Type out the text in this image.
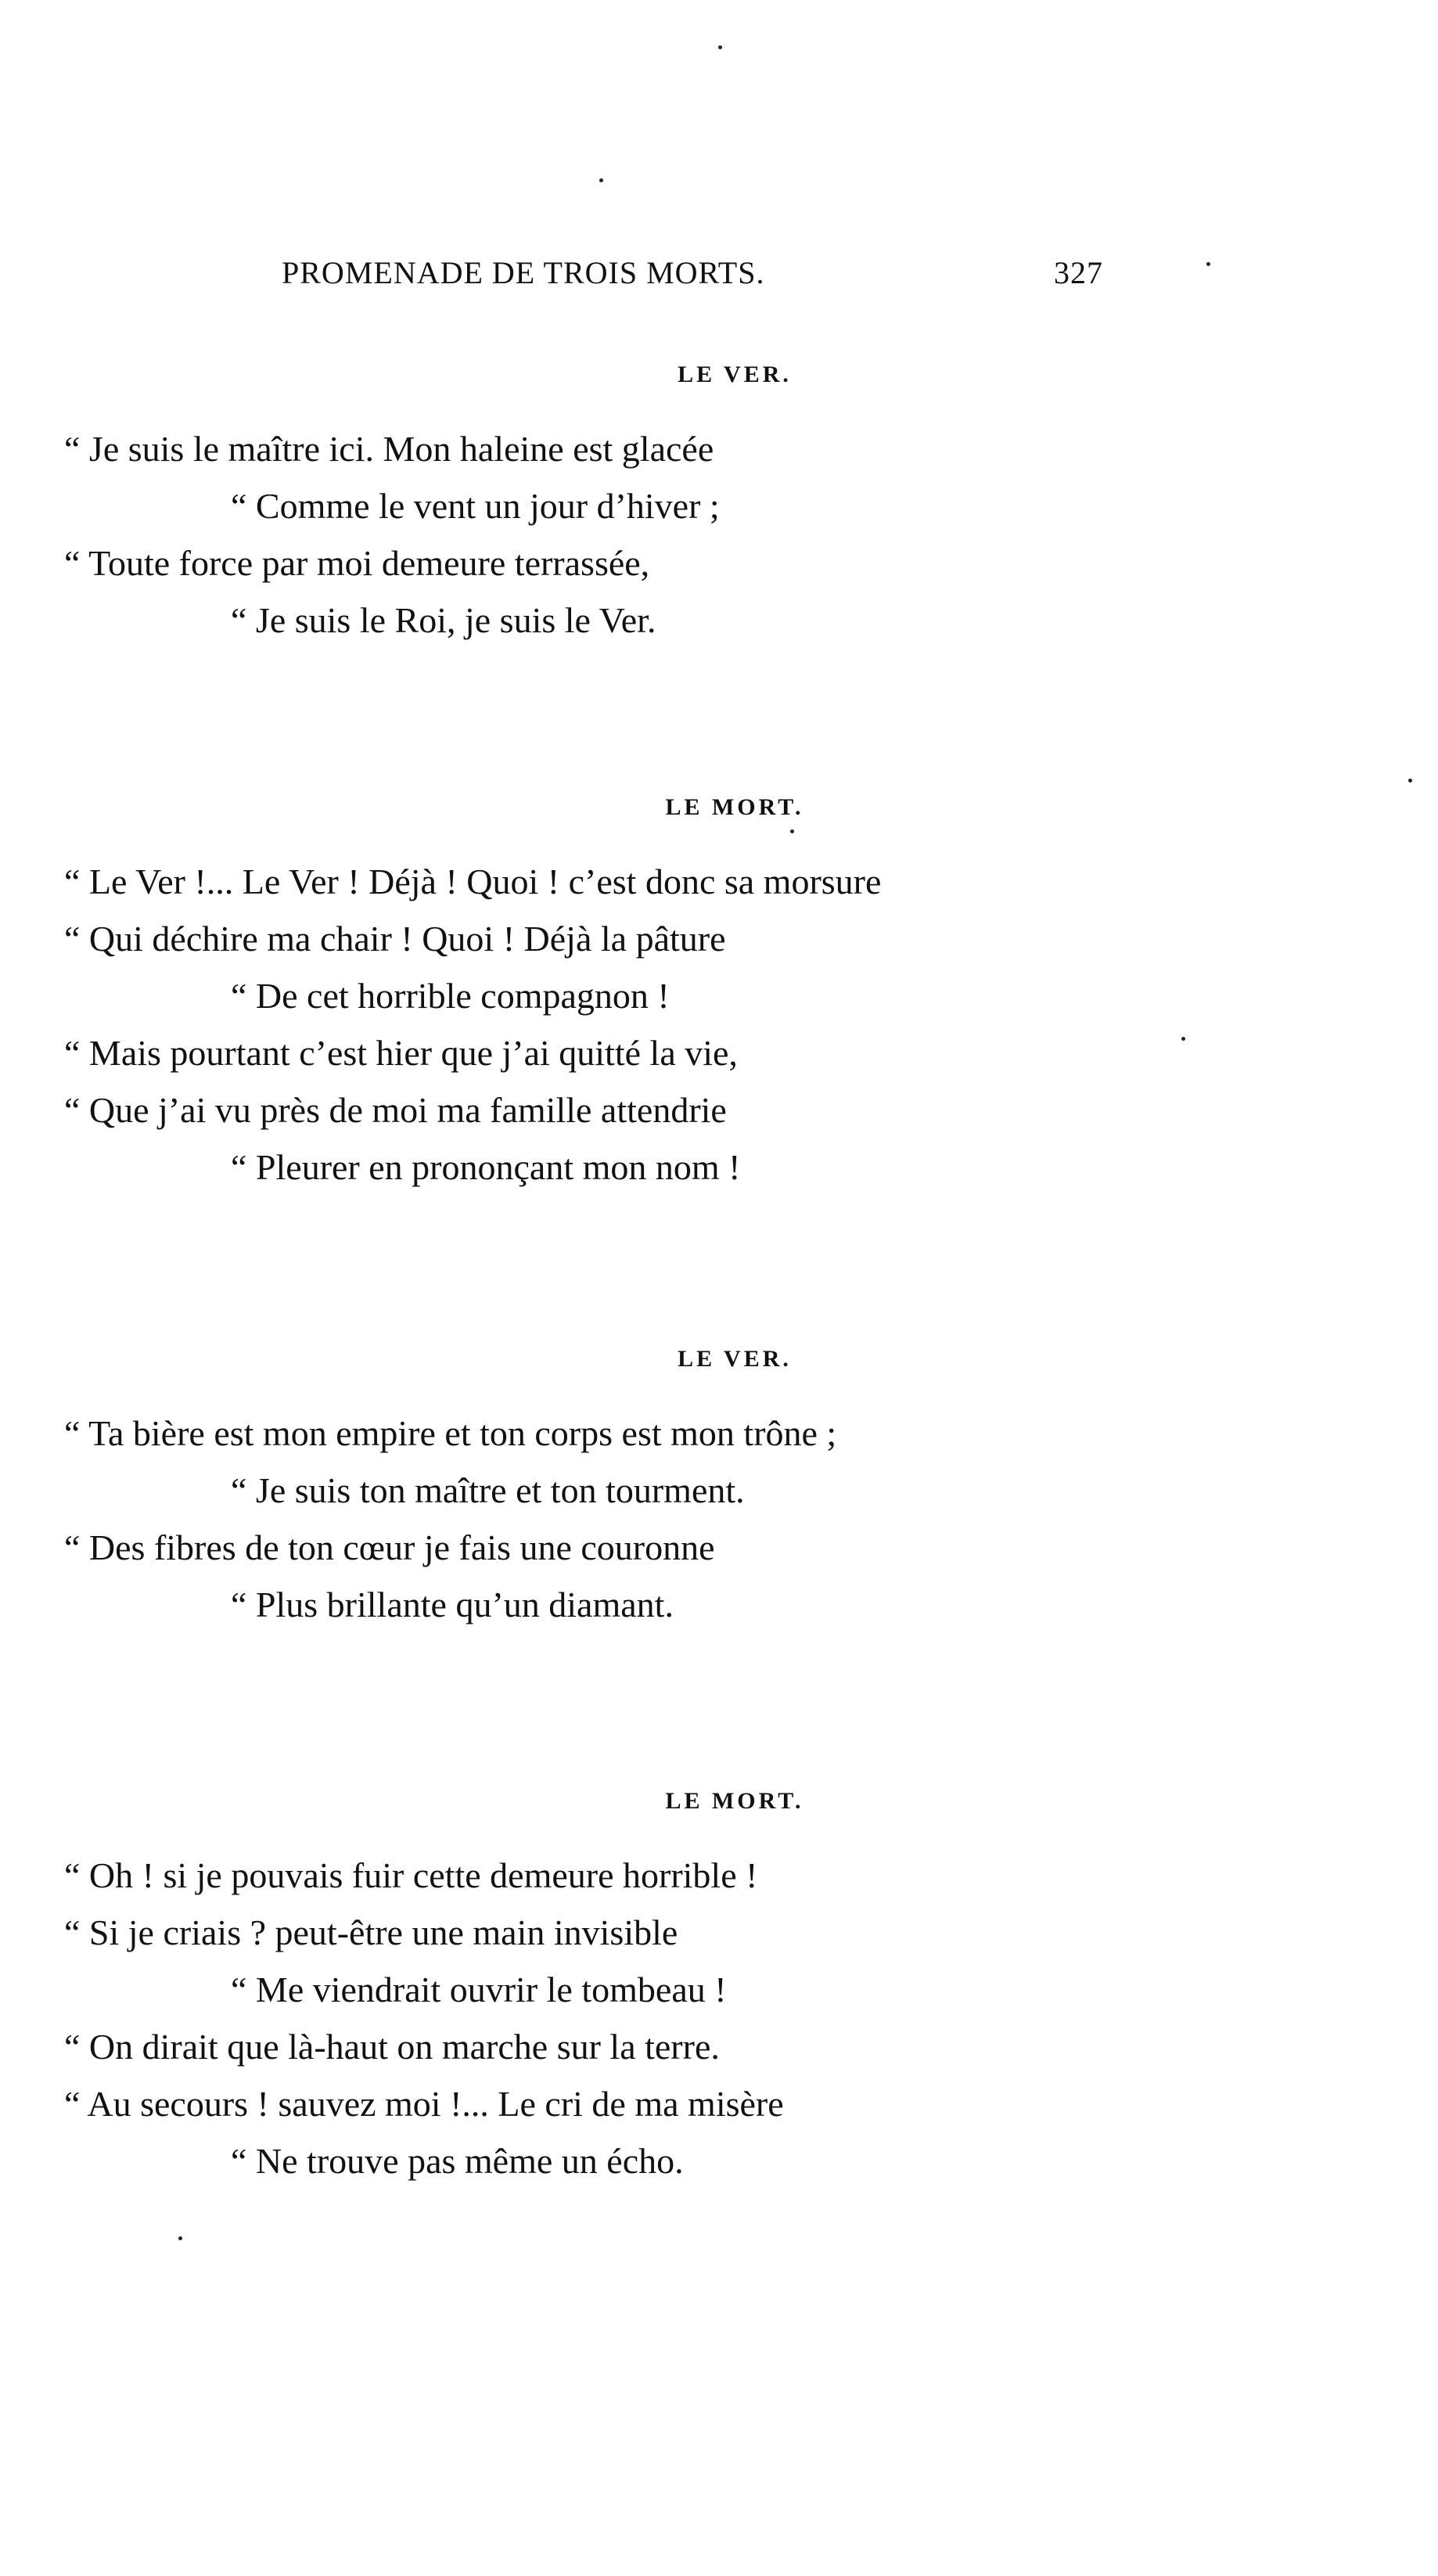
PROMENADE DE TROIS MORTS.	327
LE VER.
“ Je suis le maître ici. Mon haleine est glacée
“ Comme le vent un jour d’hiver ;
“ Toute force par moi demeure terrassée,
“ Je suis le Roi, je suis le Ver.
LE MORT.
“ Le Ver !... Le Ver ! Déjà ! Quoi ! c’est donc sa morsure
“ Qui déchire ma chair ! Quoi ! Déjà la pâture
“ De cet horrible compagnon !
“ Mais pourtant c’est hier que j’ai quitté la vie,
“ Que j’ai vu près de moi ma famille attendrie
“ Pleurer en prononçant mon nom !
LE VER.
“ Ta bière est mon empire et ton corps est mon trône ;
“ Je suis ton maître et ton tourment.
“ Des fibres de ton cœur je fais une couronne
“ Plus brillante qu’un diamant.
LE MORT.
“ Oh ! si je pouvais fuir cette demeure horrible !
“ Si je criais ? peut-être une main invisible
“ Me viendrait ouvrir le tombeau !
“ On dirait que là-haut on marche sur la terre.
“ Au secours ! sauvez moi !... Le cri de ma misère
“ Ne trouve pas même un écho.
